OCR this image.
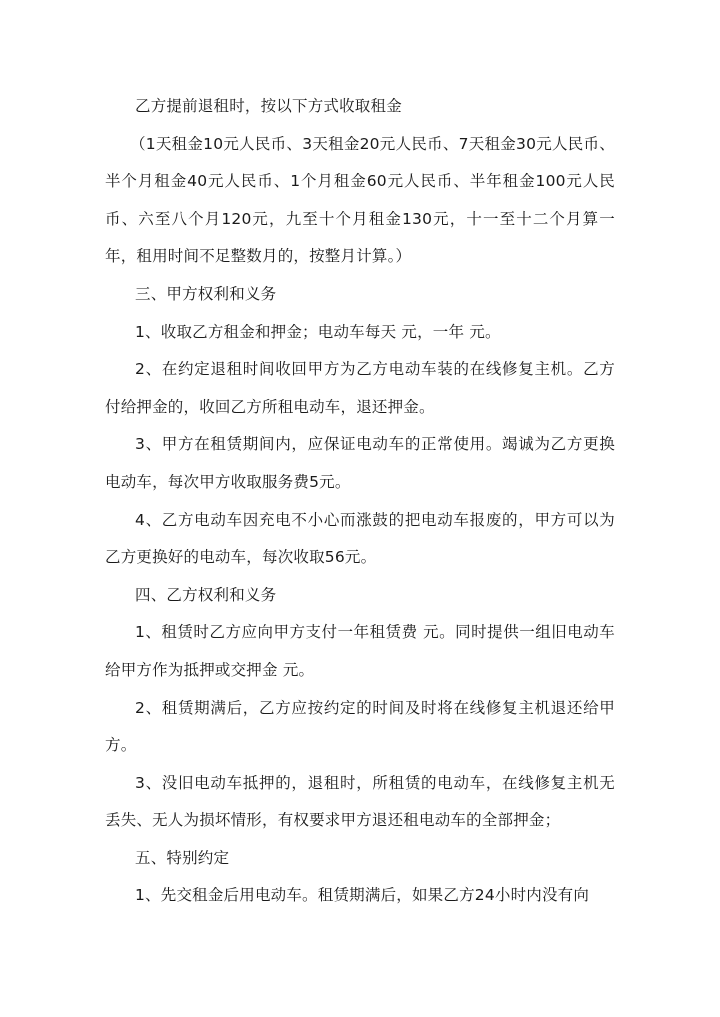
乙方提前退租时，按以下方式收取租金

（1天租金10元人民币、3天租金20元人民币、7天租金30元人民币、半个月租金40元人民币、1个月租金60元人民币、半年租金100元人民币、六至八个月120元，九至十个月租金130元，十一至十二个月算一年，租用时间不足整数月的，按整月计算。）

三、甲方权利和义务

1、收取乙方租金和押金；电动车每天 元，一年 元。

2、在约定退租时间收回甲方为乙方电动车装的在线修复主机。乙方付给押金的，收回乙方所租电动车，退还押金。

3、甲方在租赁期间内，应保证电动车的正常使用。竭诚为乙方更换电动车，每次甲方收取服务费5元。

4、乙方电动车因充电不小心而涨鼓的把电动车报废的，甲方可以为乙方更换好的电动车，每次收取56元。

四、乙方权利和义务

1、租赁时乙方应向甲方支付一年租赁费 元。同时提供一组旧电动车给甲方作为抵押或交押金 元。

2、租赁期满后，乙方应按约定的时间及时将在线修复主机退还给甲方。

3、没旧电动车抵押的，退租时，所租赁的电动车，在线修复主机无丢失、无人为损坏情形，有权要求甲方退还租电动车的全部押金；

五、特别约定

1、先交租金后用电动车。租赁期满后，如果乙方24小时内没有向
